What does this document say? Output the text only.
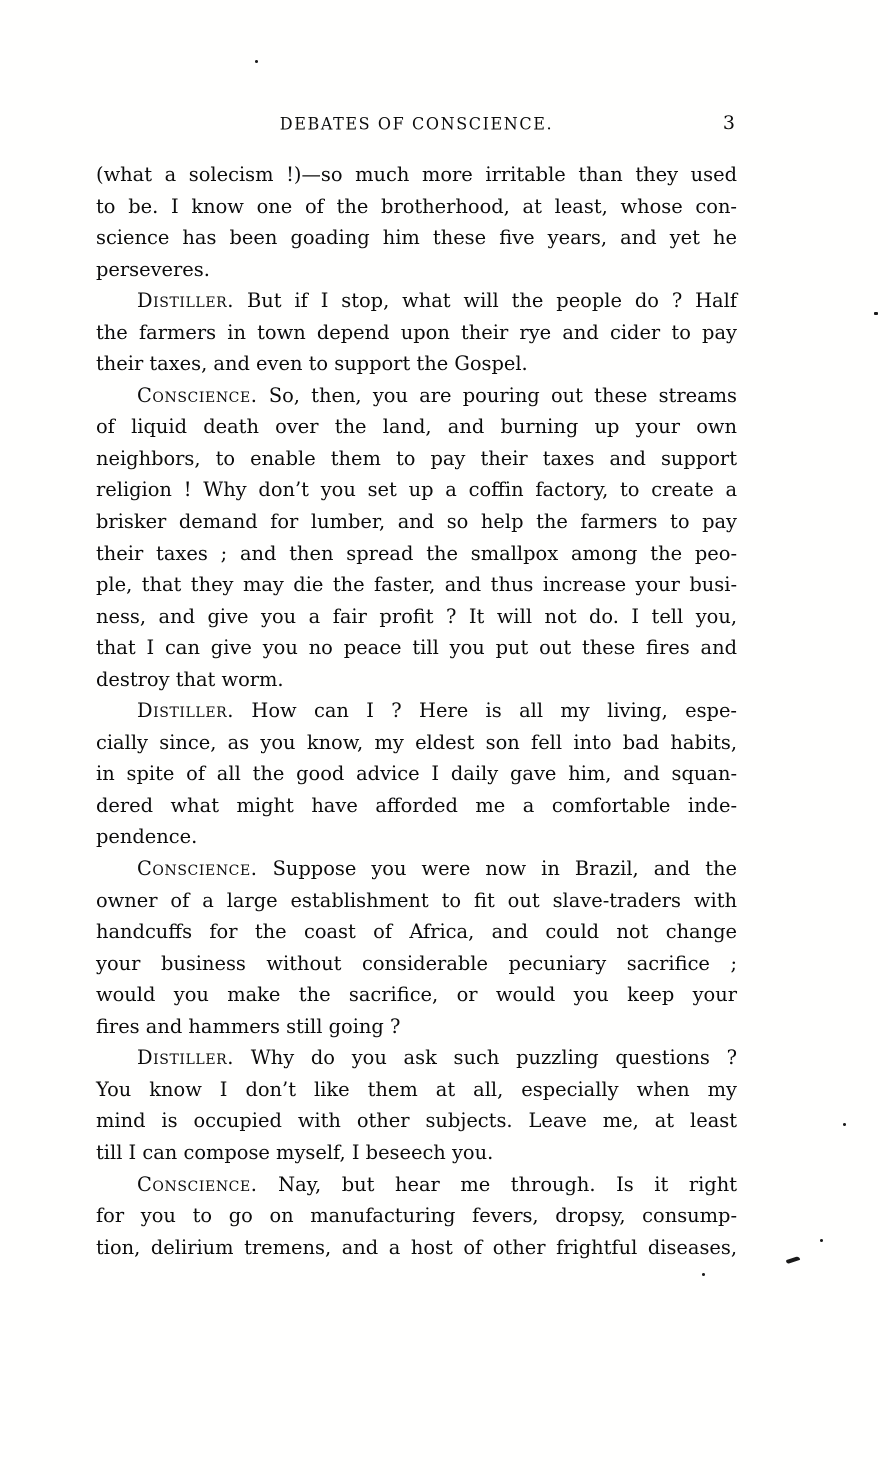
DEBATES OF CONSCIENCE.	3
(what a solecism !)—so much more irritable than they used
to be. I know one of the brotherhood, at least, whose con-
science has been goading him these five years, and yet he
perseveres.
Distiller. But if I stop, what will the people do ? Half
the farmers in town depend upon their rye and cider to pay
their taxes, and even to support the Gospel.
Conscience. So, then, you are pouring out these streams
of liquid death over the land, and burning up your own
neighbors, to enable them to pay their taxes and support
religion ! Why don’t you set up a coffin factory, to create a
brisker demand for lumber, and so help the farmers to pay
their taxes ; and then spread the smallpox among the peo-
ple, that they may die the faster, and thus increase your busi-
ness, and give you a fair profit ? It will not do. I tell you,
that I can give you no peace till you put out these fires and
destroy that worm.
Distiller. How can I ? Here is all my living, espe-
cially since, as you know, my eldest son fell into bad habits,
in spite of all the good advice I daily gave him, and squan-
dered what might have afforded me a comfortable inde-
pendence.
Conscience. Suppose you were now in Brazil, and the
owner of a large establishment to fit out slave-traders with
handcuffs for the coast of Africa, and could not change
your business without considerable pecuniary sacrifice ;
would you make the sacrifice, or would you keep your
fires and hammers still going ?
Distiller. Why do you ask such puzzling questions ?
You know I don’t like them at all, especially when my
mind is occupied with other subjects. Leave me, at least
till I can compose myself, I beseech you.
Conscience. Nay, but hear me through. Is it right
for you to go on manufacturing fevers, dropsy, consump-
tion, delirium tremens, and a host of other frightful diseases,
